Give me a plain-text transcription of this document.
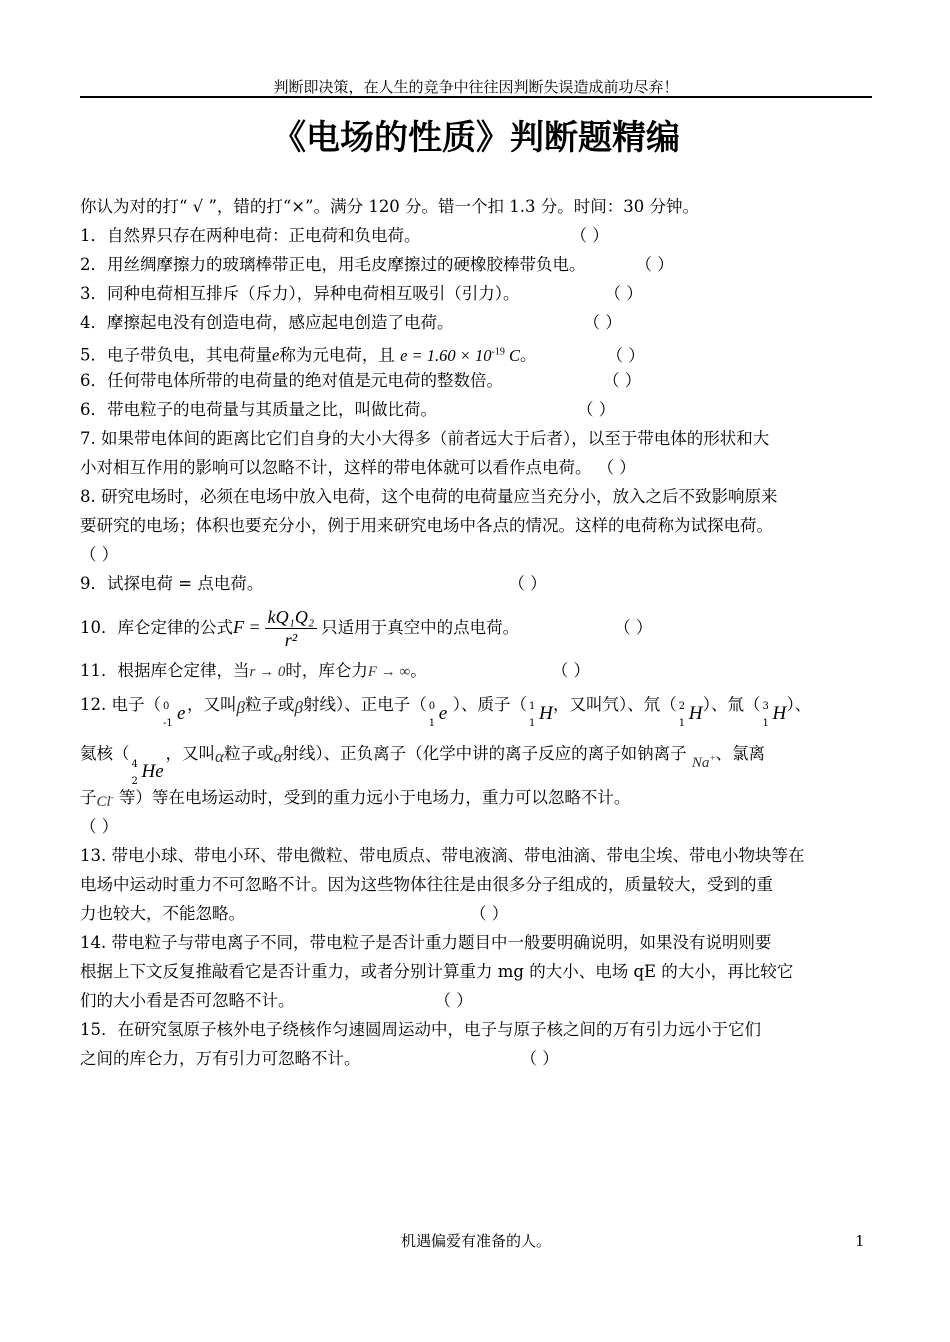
判断即决策，在人生的竞争中往往因判断失误造成前功尽弃！
《电场的性质》判断题精编
你认为对的打“ √ ”，错的打“×”。满分 120 分。错一个扣 1.3 分。时间：30 分钟。
1．自然界只存在两种电荷：正电荷和负电荷。	（ ）
2．用丝绸摩擦力的玻璃棒带正电，用毛皮摩擦过的硬橡胶棒带负电。	（ ）
3．同种电荷相互排斥（斥力），异种电荷相互吸引（引力）。	（ ）
4．摩擦起电没有创造电荷，感应起电创造了电荷。	（ ）
5．电子带负电，其电荷量e称为元电荷，且 $e = 1.60 \times 10^{-19}$ C。	（ ）
6．任何带电体所带的电荷量的绝对值是元电荷的整数倍。	（ ）
6．带电粒子的电荷量与其质量之比，叫做比荷。	（ ）
7. 如果带电体间的距离比它们自身的大小大得多（前者远大于后者），以至于带电体的形状和大
小对相互作用的影响可以忽略不计，这样的带电体就可以看作点电荷。 （ ）
8. 研究电场时，必须在电场中放入电荷，这个电荷的电荷量应当充分小，放入之后不致影响原来
要研究的电场；体积也要充分小，例于用来研究电场中各点的情况。这样的电荷称为试探电荷。
（ ）
9．试探电荷 = 点电荷。	（ ）
10．库仑定律的公式$F = \frac{\text{kQ₁Q₂}}{\text{r²}}$ 只适用于真空中的点电荷。	（ ）
11．根据库仑定律，当r → 0时，库仑力F → ∞。	（ ）
12. 电子（ 0
-1 e ，又叫β粒子或β射线）、正电子（ 0
1 e ）、质子（ 1
1 H ，又叫氕）、氘（ 2
1 H ）、氚（ 3
1 H ）、
氦核（
4
2 He
，又叫α粒子或α射线）、正负离子（化学中讲的离子反应的离子如钠离子 Na+、氯离
子Cl- 等）等在电场运动时，受到的重力远小于电场力，重力可以忽略不计。
（ ）
13. 带电小球、带电小环、带电微粒、带电质点、带电液滴、带电油滴、带电尘埃、带电小物块等在
电场中运动时重力不可忽略不计。因为这些物体往往是由很多分子组成的，质量较大，受到的重
力也较大，不能忽略。	（ ）
14. 带电粒子与带电离子不同，带电粒子是否计重力题目中一般要明确说明，如果没有说明则要
根据上下文反复推敲看它是否计重力，或者分别计算重力 mg 的大小、电场 qE 的大小，再比较它
们的大小看是否可忽略不计。	（ ）
15．在研究氢原子核外电子绕核作匀速圆周运动中，电子与原子核之间的万有引力远小于它们
之间的库仑力，万有引力可忽略不计。	（ ）
机遇偏爱有准备的人。	1
